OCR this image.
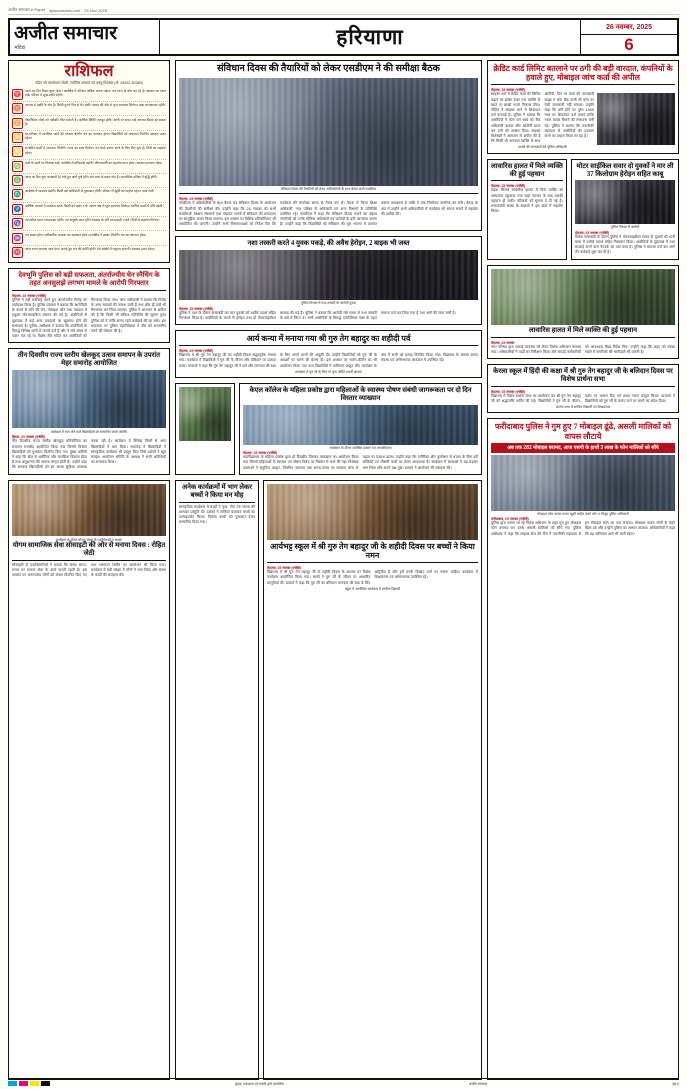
अजीत समाचार e-Paper ajitsamachar.com 25 Nov 2025
अजीत समाचार
भटिंडा	हरियाणा	26 नवम्बर, 2025
6
राशिफल
पंडित श्री कमलेश्वर जोशी, ज्योतिष आचार्य एवं वास्तु विशेषज्ञ (मो. 94632-83380)
♈
आज का दिन मिला-जुला रहेगा। कार्यक्षेत्र में परिश्रम अधिक करना पड़ेगा। धन लाभ के योग बन रहे हैं। स्वास्थ्य का ध्यान रखें। परिवार में सुख-शांति रहेगी।
♉
व्यापार में उन्नति के योग हैं। किसी पुराने मित्र से भेंट होगी। संतान की ओर से शुभ समाचार मिलेगा। यात्रा लाभदायक रहेगी।
♊
नौकरीपेशा लोगों को पदोन्नति मिल सकती है। आर्थिक स्थिति मजबूत होगी। वाणी पर संयम रखें अन्यथा विवाद हो सकता है।
♋
घर-परिवार में मांगलिक कार्य की योजना बनेगी। धन का आगमन होगा। विद्यार्थियों को सफलता मिलेगी। स्वास्थ्य उत्तम रहेगा।
♌
राजकीय कार्यों में सफलता मिलेगी। भाग्य का साथ मिलेगा। नए कार्य आरंभ करने के लिए दिन शुभ है। मित्रों का सहयोग रहेगा।
♍
व्यर्थ के खर्चों पर नियंत्रण रखें। कार्यक्षेत्र में प्रतिस्पर्धा बढ़ेगी। जीवनसाथी का सहयोग प्राप्त होगा। स्वास्थ्य सामान्य रहेगा।
♎
आज का दिन शुभ फलदायी है। रुके हुए कार्य पूर्ण होंगे। धन लाभ के प्रबल योग हैं। सामाजिक प्रतिष्ठा में वृद्धि होगी।
♏
कार्यक्षेत्र में व्यस्तता बढ़ेगी। किसी बड़े अधिकारी से मुलाकात होगी। परिवार में खुशी का माहौल रहेगा। यात्रा टालें।
♐
आर्थिक मामलों में सतर्कता बरतें। किसी को उधार न दें। संतान पक्ष से शुभ समाचार मिलेगा। धार्मिक कार्यों में रुचि बढ़ेगी।
♑
व्यापारिक यात्रा लाभदायक रहेगी। नए अनुबंध प्राप्त होंगे। स्वास्थ्य के प्रति लापरवाही न करें। मित्रों से सहयोग मिलेगा।
♒
मन प्रसन्न रहेगा। पारिवारिक समस्या का समाधान होगा। कार्यक्षेत्र में प्रशंसा मिलेगी। धन का आगमन होगा।
♓
आज भाग्य आपका साथ देगा। अटके हुए धन की प्राप्ति होगी। प्रेम संबंधों में मधुरता आएगी। स्वास्थ्य उत्तम रहेगा।
देवभूमि पुलिस को बड़ी सफलता, अंतर्राज्यीय चेन स्नैचिंग के तहत अनसुलझे लगभग मामले के आरोपी गिरफ्तार
रोहतक, 25 नवम्बर (एजेंसी)
पुलिस ने बड़ी कार्रवाई करते हुए अंतर्राज्यीय गिरोह का पर्दाफाश किया है। पुलिस प्रवक्ता ने बताया कि आरोपियों के कब्जे से सोने की चेन, मोबाइल फोन तथा वारदात में प्रयुक्त मोटरसाइकिल बरामद की गई है। आरोपियों से पूछताछ में कई अन्य वारदातों का खुलासा होने की संभावना है। पुलिस अधीक्षक ने बताया कि आरोपियों के विरुद्ध विभिन्न थानों में मामले दर्ज हैं और वे लंबे समय से फरार चल रहे थे। विशेष टीम गठित कर आरोपियों को गिरफ्तार किया गया। जांच अधिकारी ने बताया कि गिरोह के अन्य सदस्यों की तलाश जारी है तथा शीघ्र ही उन्हें भी गिरफ्तार कर लिया जाएगा। पुलिस ने आमजन से अपील की है कि किसी भी संदिग्ध गतिविधि की सूचना तुरंत पुलिस को दें ताकि समय रहते कार्रवाई की जा सके। इस सफलता पर पुलिस महानिदेशक ने टीम को सम्मानित करने की घोषणा की है।
तीन दिवसीय राज्य स्तरीय खेलकूद उत्सव समापन के उपरांत मेहर समारोह आयोजित
कार्यक्रम में भाग लेने वाले खिलाड़ियों को सम्मानित करते अतिथि
हिसार, 25 नवम्बर (एजेंसी)
तीन दिवसीय राज्य स्तरीय खेलकूद प्रतियोगिता का समापन समारोह आयोजित किया गया जिसमें विजेता खिलाड़ियों को पुरस्कार वितरित किए गए। मुख्य अतिथि ने कहा कि खेल से शारीरिक और मानसिक विकास होता है तथा अनुशासन की भावना जागृत होती है। उन्होंने कहा कि सरकार खिलाड़ियों को हर संभव सुविधा उपलब्ध करवा रही है। कार्यक्रम में विभिन्न जिलों से आए खिलाड़ियों ने भाग लिया। समारोह में खिलाड़ियों ने सांस्कृतिक कार्यक्रम भी प्रस्तुत किए जिसे दर्शकों ने खूब सराहा। आयोजन समिति के अध्यक्ष ने सभी अतिथियों का धन्यवाद किया।
कार्यक्रम के दौरान मौजूद संस्था के पदाधिकारी व सदस्य
योगम सामाजिक सेवा सोसाइटी की ओर से मनाया दिवस : रोहित जेठी
सोसाइटी के पदाधिकारियों ने बताया कि संस्था समय-समय पर समाज सेवा के कार्य करती रहती है। इस अवसर पर जरूरतमंद लोगों को कंबल वितरित किए गए तथा रक्तदान शिविर का आयोजन भी किया गया। कार्यक्रम में बड़ी संख्या में लोगों ने भाग लिया और संस्था के कार्यों की सराहना की।
संविधान दिवस की तैयारियों को लेकर एसडीएम ने की समीक्षा बैठक
संविधान दिवस की तैयारियों को लेकर अधिकारियों के साथ बैठक करते एसडीएम
रोहतक, 25 नवम्बर (एजेंसी)
एसडीएम ने अधिकारियों के साथ बैठक कर संविधान दिवस के आयोजन की तैयारियों की समीक्षा की। उन्होंने कहा कि 26 नवम्बर को सभी कार्यालयों, शिक्षण संस्थानों तथा पंचायत भवनों में संविधान की प्रस्तावना का सामूहिक वाचन किया जाएगा। इस अवसर पर विभिन्न प्रतियोगिताएं भी आयोजित की जाएंगी। उन्होंने सभी विभागाध्यक्षों को निर्देश दिए कि कार्यक्रम की रूपरेखा समय से तैयार कर लें। बैठक में जिला शिक्षा अधिकारी, नगर परिषद के अधिकारी एवं अन्य विभागों के प्रतिनिधि उपस्थित रहे। एसडीएम ने कहा कि संविधान दिवस मनाने का उद्देश्य नागरिकों को उनके मौलिक अधिकारों एवं कर्तव्यों के प्रति जागरूक करना है। उन्होंने कहा कि विद्यार्थियों को संविधान की मूल भावना से अवगत कराना आवश्यक है ताकि वे एक जिम्मेदार नागरिक बन सकें। बैठक के अंत में उन्होंने सभी अधिकारियों से कार्यक्रम को सफल बनाने में सहयोग की अपील की।
नशा तस्करी करते 4 युवक पकड़े, की अवैध हेरोइन, 2 बाइक भी जब्त
पुलिस गिरफ्त में नशा तस्करी के आरोपी युवक
रोहतक, 25 नवम्बर (एजेंसी)
पुलिस ने गश्त के दौरान नाकाबंदी कर चार युवकों को नशीले पदार्थ सहित गिरफ्तार किया है। आरोपियों के कब्जे से हेरोइन तथा दो मोटरसाइकिल बरामद की गई हैं। पुलिस ने बताया कि आरोपी लंबे समय से नशा तस्करी के धंधे में लिप्त थे। सभी आरोपियों के विरुद्ध एनडीपीएस एक्ट के तहत मामला दर्ज कर लिया गया है तथा आगे की जांच जारी है।
आर्य कन्या में मनाया गया श्री गुरु तेग बहादुर का शहीदी पर्व
रोहतक, 25 नवम्बर (एजेंसी)
विद्यालय में श्री गुरु तेग बहादुर जी का शहीदी दिवस श्रद्धापूर्वक मनाया गया। कार्यक्रम में विद्यार्थियों ने गुरु जी के जीवन और बलिदान पर प्रकाश डाला। प्राचार्या ने कहा कि गुरु तेग बहादुर जी ने धर्म और मानवता की रक्षा के लिए अपने प्राणों की आहुति दी। उन्होंने विद्यार्थियों को गुरु जी के आदर्शों पर चलने की प्रेरणा दी। इस अवसर पर भजन-कीर्तन का भी आयोजन किया गया तथा विद्यार्थियों ने कविताएं प्रस्तुत कीं। कार्यक्रम के अंत में सभी को प्रसाद वितरित किया गया। विद्यालय के समस्त स्टाफ सदस्य एवं अभिभावक कार्यक्रम में उपस्थित रहे।
कार्यक्रम में गुरु जी के चित्र पर पुष्प अर्पित करतीं छात्राएं
केएल कॉलेज के महिला प्रकोष्ठ द्वारा महिलाओं के स्वास्थ्य पोषण संबंधी जागरूकता पर दो दिन विस्तार व्याख्यान
व्याख्यान के दौरान उपस्थित छात्राएं एवं अध्यापिकाएं
रोहतक, 25 नवम्बर (एजेंसी)
महाविद्यालय के महिला प्रकोष्ठ द्वारा दो दिवसीय विस्तार व्याख्यान का आयोजन किया गया जिसमें महिलाओं के स्वास्थ्य एवं पोषण विषय पर विस्तार से चर्चा की गई। विशेषज्ञ वक्ताओं ने संतुलित आहार, नियमित व्यायाम तथा समय-समय पर स्वास्थ्य जांच के महत्व पर प्रकाश डाला। उन्होंने कहा कि एनीमिया और कुपोषण से बचाव के लिए हरी सब्जियों एवं मौसमी फलों का सेवन आवश्यक है। कार्यक्रम में छात्राओं ने बढ़-चढ़कर भाग लिया और अपने प्रश्न पूछे। प्राचार्य ने आयोजन की सराहना की।
अनेक कार्यक्रमों में भाग लेकर बच्चों ने किया मन मोह
सांस्कृतिक कार्यक्रम में बच्चों ने नृत्य, गीत एवं नाटक की शानदार प्रस्तुति दी। दर्शकों ने तालियां बजाकर बच्चों का उत्साहवर्धन किया। विजेता बच्चों को पुरस्कार देकर सम्मानित किया गया।
आर्यभट्ट स्कूल में श्री गुरु तेग बहादुर जी के शहीदी दिवस पर बच्चों ने किया नमन
रोहतक, 25 नवम्बर (एजेंसी)
विद्यालय में श्री गुरु तेग बहादुर जी के शहीदी दिवस के अवसर पर विशेष कार्यक्रम आयोजित किया गया। बच्चों ने गुरु जी के जीवन पर आधारित प्रस्तुतियां दीं। प्राचार्य ने कहा कि गुरु जी का बलिदान मानवता की रक्षा के लिए अद्वितीय है और हमें उनके दिखाए मार्ग पर चलना चाहिए। कार्यक्रम में शिक्षकगण एवं अभिभावक उपस्थित रहे।
स्कूल में आयोजित कार्यक्रम में शामिल विद्यार्थी
क्रेडिट कार्ड लिमिट बतलाने पर ठगी की बड़ी वारदात, कंपनियों के हवाले हुए, मोबाइल जांच कर्ता की अपील
रोहतक, 25 नवम्बर (एजेंसी)
साइबर ठगों ने क्रेडिट कार्ड की लिमिट बढ़ाने का झांसा देकर एक व्यक्ति के खाते से लाखों रुपये निकाल लिए। पीड़ित ने साइबर थाने में शिकायत दर्ज करवाई है। पुलिस ने बताया कि आरोपियों ने फोन कर स्वयं को बैंक अधिकारी बताया और ओटीपी प्राप्त कर ठगी को अंजाम दिया। साइबर विशेषज्ञों ने आमजन से अपील की है कि किसी भी अनजान व्यक्ति के साथ ओटीपी, पिन या कार्ड की जानकारी साझा न करें। बैंक कभी भी फोन पर ऐसी जानकारी नहीं मांगता। उन्होंने कहा कि ठगी होने पर तुरंत 1930 नंबर पर शिकायत दर्ज कराएं ताकि रकम वापस मिलने की संभावना बनी रहे। पुलिस ने बताया कि तकनीकी सहायता से आरोपियों की पहचान करने का प्रयास किया जा रहा है।
मामले की जानकारी देते पुलिस अधिकारी
लावारिस हालत में मिले व्यक्ति की हुई पहचान
रोहतक, 25 नवम्बर (एजेंसी)
सड़क किनारे लावारिस हालत में मिले व्यक्ति को अस्पताल पहुंचाया गया जहां उपचार के बाद उसकी पहचान हो सकी। परिजनों को सूचना दे दी गई है। समाजसेवी संस्था के सदस्यों ने इस कार्य में सहयोग किया।
मोटर साईकिल सवार दो युवकों ने मार ली 37 किलोग्राम हेरोइन सहित काबू
पुलिस गिरफ्त में आरोपी
रोहतक, 25 नवम्बर (एजेंसी)
विशेष नाकाबंदी के दौरान पुलिस ने मोटरसाइकिल सवार दो युवकों को भारी मात्रा में नशीले पदार्थ सहित गिरफ्तार किया। आरोपियों से पूछताछ में नशा सप्लाई करने वाले नेटवर्क का पता चला है। पुलिस ने मामला दर्ज कर आगे की कार्रवाई शुरू कर दी है।
लावारिस हालत में मिले व्यक्ति की हुई पहचान
रोहतक, 25 नवम्बर
नगर परिषद द्वारा सफाई व्यवस्था को लेकर विशेष अभियान चलाया गया। अधिकारियों ने वार्डों का निरीक्षण किया और सफाई कर्मचारियों को आवश्यक दिशा-निर्देश दिए। उन्होंने कहा कि शहर को स्वच्छ रखने में नागरिकों की भागीदारी भी जरूरी है।
केरला स्कूल में हिंदी की कक्षा में श्री गुरु तेग बहादुर जी के बलिदान दिवस पर विशेष प्रार्थना सभा
रोहतक, 25 नवम्बर (एजेंसी)
विद्यालय में विशेष प्रार्थना सभा का आयोजन कर श्री गुरु तेग बहादुर जी को श्रद्धांजलि अर्पित की गई। विद्यार्थियों ने गुरु जी के जीवन-दर्शन पर भाषण दिए एवं शबद गायन प्रस्तुत किया। प्राचार्या ने विद्यार्थियों को गुरु जी के बताए मार्ग पर चलने का संदेश दिया।
प्रार्थना सभा में शामिल विद्यार्थी एवं शिक्षकगण
फरीदाबाद पुलिस ने गुम हुए 7 मोबाइल ढूंढे, असली मालिकों को वापस लौटाये
अब तक 282 मोबाइल बरामद, आज एसपी के हाथों 3 लाख के फोन मालिकों को सौंपे
मोबाइल फोन वापस पाकर खुशी जाहिर करते लोग व मौजूद पुलिस अधिकारी
फरीदाबाद, 25 नवम्बर (एजेंसी)
पुलिस द्वारा चलाए जा रहे विशेष अभियान के तहत गुम हुए मोबाइल फोन बरामद कर उनके असली मालिकों को सौंपे गए। पुलिस अधीक्षक ने कहा कि साइबर सेल की टीम ने तकनीकी सहायता से इन मोबाइल फोन का पता लगाया। मोबाइल पाकर लोगों के चेहरे खिल उठे और उन्होंने पुलिस का आभार जताया। अधिकारियों ने कहा कि यह अभियान आगे भी जारी रहेगा।
मुद्रक, प्रकाशक एवं स्वामी द्वारा प्रकाशित	अजीत समाचार	पृष्ठ 6
